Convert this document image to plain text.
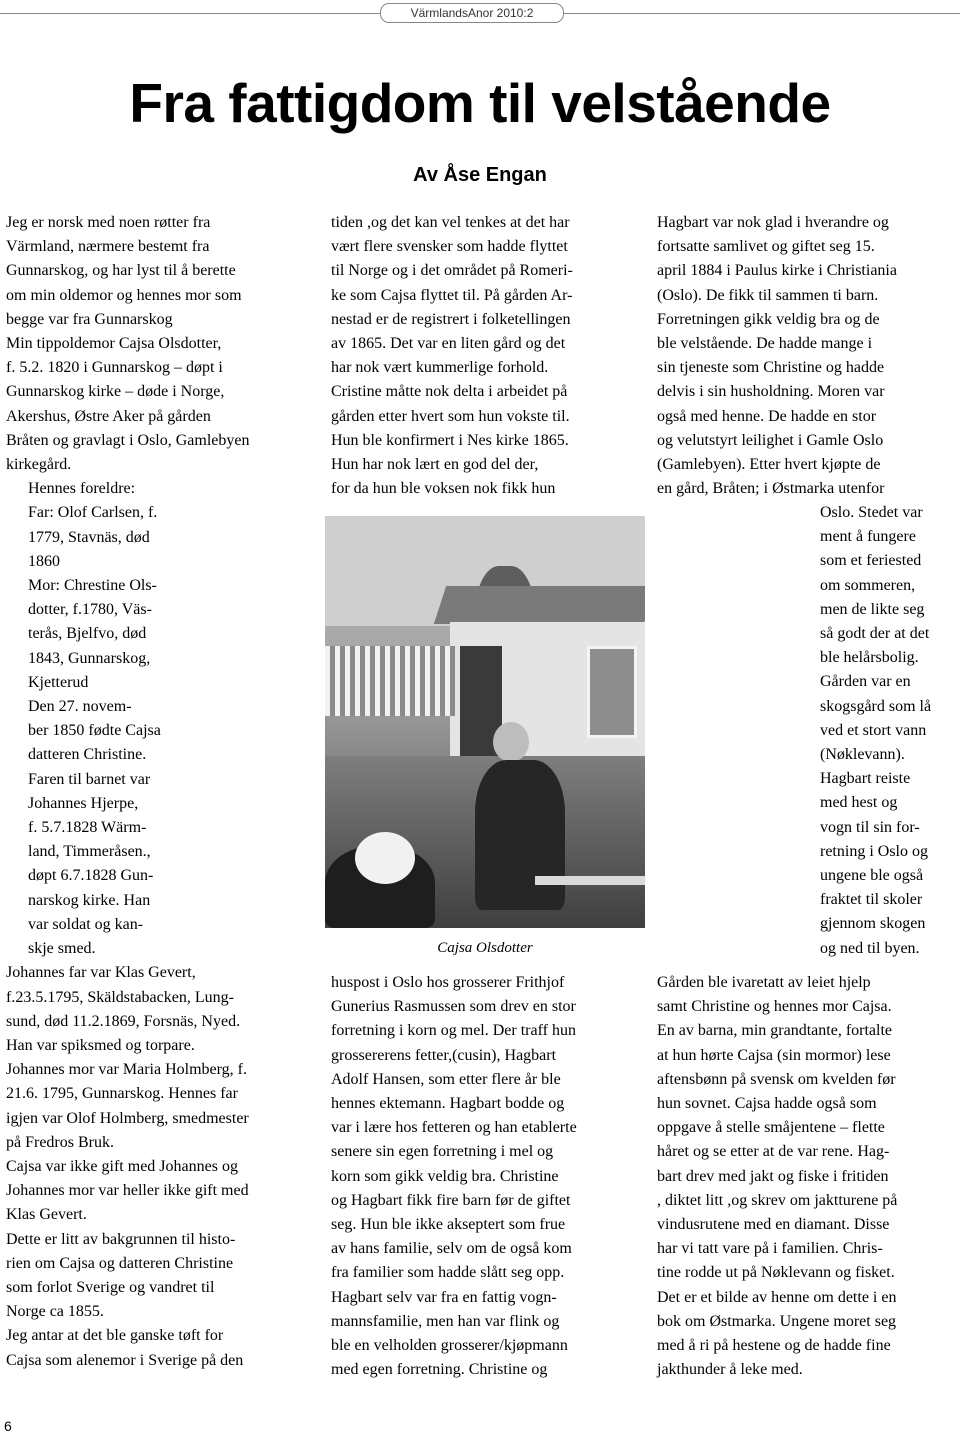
VärmlandsAnor 2010:2
Fra fattigdom til velstående
Av Åse Engan

Jeg er norsk med noen røtter fra
Värmland, nærmere bestemt fra
Gunnarskog, og har lyst til å berette
om min oldemor og hennes mor som
begge var fra Gunnarskog
Min tippoldemor Cajsa Olsdotter,
f. 5.2. 1820 i Gunnarskog – døpt i
Gunnarskog kirke – døde i Norge,
Akershus, Østre Aker på gården
Bråten og gravlagt i Oslo, Gamlebyen
kirkegård.

Hennes foreldre:
Far: Olof Carlsen, f.
1779, Stavnäs, død
1860
Mor: Chrestine Ols-
dotter, f.1780, Väs-
terås, Bjelfvo, død
1843, Gunnarskog,
Kjetterud

Den 27. novem-
ber 1850 fødte Cajsa
datteren Christine.
Faren til barnet var
Johannes Hjerpe,
f. 5.7.1828 Wärm-
land, Timmeråsen.,
døpt 6.7.1828 Gun-
narskog kirke. Han
var soldat og kan-
skje smed.

Johannes far var Klas Gevert,
f.23.5.1795, Skäldstabacken, Lung-
sund, død 11.2.1869, Forsnäs, Nyed.
Han var spiksmed og torpare.
Johannes mor var Maria Holmberg, f.
21.6. 1795, Gunnarskog. Hennes far
igjen var Olof Holmberg, smedmester
på Fredros Bruk.
Cajsa var ikke gift med Johannes og
Johannes mor var heller ikke gift med
Klas Gevert.
Dette er litt av bakgrunnen til histo-
rien om Cajsa og datteren Christine
som forlot Sverige og vandret til
Norge ca 1855.
Jeg antar at det ble ganske tøft for
Cajsa som alenemor i Sverige på den

tiden ,og det kan vel tenkes at det har
vært flere svensker som hadde flyttet
til Norge og i det området på Romeri-
ke som Cajsa flyttet til. På gården Ar-
nestad er de registrert i folketellingen
av 1865. Det var en liten gård og det
har nok vært kummerlige forhold.
Cristine måtte nok delta i arbeidet på
gården etter hvert som hun vokste til.
Hun ble konfirmert i Nes kirke 1865.
Hun har nok lært en god del der,
for da hun ble voksen nok fikk hun

Cajsa Olsdotter

huspost i Oslo hos grosserer Frithjof
Gunerius Rasmussen som drev en stor
forretning i korn og mel. Der traff hun
grossererens fetter,(cusin), Hagbart
Adolf Hansen, som etter flere år ble
hennes ektemann. Hagbart bodde og
var i lære hos fetteren og han etablerte
senere sin egen forretning i mel og
korn som gikk veldig bra. Christine
og Hagbart fikk fire barn før de giftet
seg. Hun ble ikke akseptert som frue
av hans familie, selv om de også kom
fra familier som hadde slått seg opp.
Hagbart selv var fra en fattig vogn-
mannsfamilie, men han var flink og
ble en velholden grosserer/kjøpmann
med egen forretning. Christine og

Hagbart var nok glad i hverandre og
fortsatte samlivet og giftet seg 15.
april 1884 i Paulus kirke i Christiania
(Oslo). De fikk til sammen ti barn.
Forretningen gikk veldig bra og de
ble velstående. De hadde mange i
sin tjeneste som Christine og hadde
delvis i sin husholdning. Moren var
også med henne. De hadde en stor
og velutstyrt leilighet i Gamle Oslo
(Gamlebyen). Etter hvert kjøpte de
en gård, Bråten; i Østmarka utenfor

Oslo. Stedet var
ment å fungere
som et feriested
om sommeren,
men de likte seg
så godt der at det
ble helårsbolig.
Gården var en
skogsgård som lå
ved et stort vann
(Nøklevann).
Hagbart reiste
med hest og
vogn til sin for-
retning i Oslo og
ungene ble også
fraktet til skoler
gjennom skogen
og ned til byen.

Gården ble ivaretatt av leiet hjelp
samt Christine og hennes mor Cajsa.
En av barna, min grandtante, fortalte
at hun hørte Cajsa (sin mormor) lese
aftensbønn på svensk om kvelden før
hun sovnet. Cajsa hadde også som
oppgave å stelle småjentene – flette
håret og se etter at de var rene. Hag-
bart drev med jakt og fiske i fritiden
, diktet litt ,og skrev om jaktturene på
vindusrutene med en diamant. Disse
har vi tatt vare på i familien. Chris-
tine rodde ut på Nøklevann og fisket.
Det er et bilde av henne om dette i en
bok om Østmarka. Ungene moret seg
med å ri på hestene og de hadde fine
jakthunder å leke med.

6
